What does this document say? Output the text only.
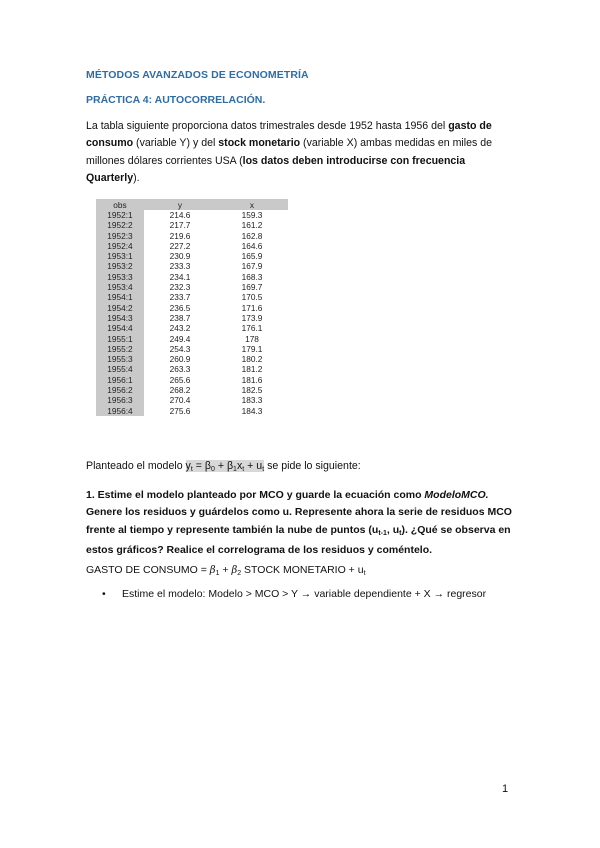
MÉTODOS AVANZADOS DE ECONOMETRÍA
PRÁCTICA 4: AUTOCORRELACIÓN.
La tabla siguiente proporciona datos trimestrales desde 1952 hasta 1956 del gasto de consumo (variable Y) y del stock monetario (variable X) ambas medidas en miles de millones dólares corrientes USA (los datos deben introducirse con frecuencia Quarterly).
obs	y	x
1952:1	214.6	159.3
1952:2	217.7	161.2
1952:3	219.6	162.8
1952:4	227.2	164.6
1953:1	230.9	165.9
1953:2	233.3	167.9
1953:3	234.1	168.3
1953:4	232.3	169.7
1954:1	233.7	170.5
1954:2	236.5	171.6
1954:3	238.7	173.9
1954:4	243.2	176.1
1955:1	249.4	178
1955:2	254.3	179.1
1955:3	260.9	180.2
1955:4	263.3	181.2
1956:1	265.6	181.6
1956:2	268.2	182.5
1956:3	270.4	183.3
1956:4	275.6	184.3
Planteado el modelo $y_t = \beta_0 + \beta_1x_t + u_t$ se pide lo siguiente:
1. Estime el modelo planteado por MCO y guarde la ecuación como ModeloMCO. Genere los residuos y guárdelos como u. Represente ahora la serie de residuos MCO frente al tiempo y represente también la nube de puntos ($u_{t-1}$, $u_t$). ¿Qué se observa en estos gráficos? Realice el correlograma de los residuos y coméntelo.
GASTO DE CONSUMO = $\beta_1 + \beta_2$ STOCK MONETARIO + $u_t$
• Estime el modelo: Modelo > MCO > Y → variable dependiente + X → regresor
1
